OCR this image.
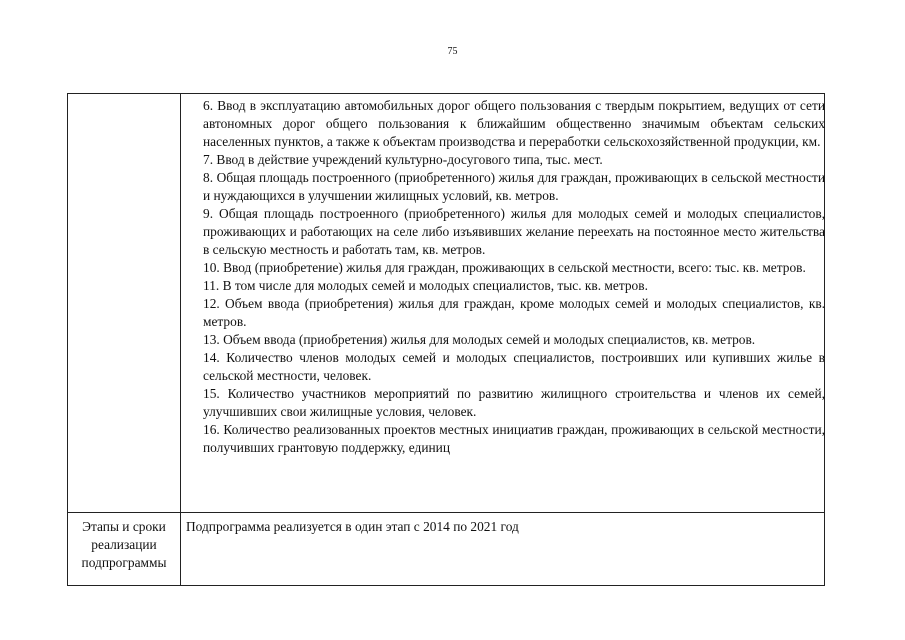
75
6. Ввод в эксплуатацию автомобильных дорог общего пользования с твердым покрытием, ведущих от сети автономных дорог общего пользования к ближайшим общественно значимым объектам сельских населенных пунктов, а также к объектам производства и переработки сельскохозяйственной продукции, км.
7. Ввод в действие учреждений культурно-досугового типа, тыс. мест.
8. Общая площадь построенного (приобретенного) жилья для граждан, проживающих в сельской местности и нуждающихся в улучшении жилищных условий, кв. метров.
9. Общая площадь построенного (приобретенного) жилья для молодых семей и молодых специалистов, проживающих и работающих на селе либо изъявивших желание переехать на постоянное место жительства в сельскую местность и работать там, кв. метров.
10. Ввод (приобретение) жилья для граждан, проживающих в сельской местности, всего: тыс. кв. метров.
11. В том числе для молодых семей и молодых специалистов, тыс. кв. метров.
12. Объем ввода (приобретения) жилья для граждан, кроме молодых семей и молодых специалистов, кв. метров.
13. Объем ввода (приобретения) жилья для молодых семей и молодых специалистов, кв. метров.
14. Количество членов молодых семей и молодых специалистов, построивших или купивших жилье в сельской местности, человек.
15. Количество участников мероприятий по развитию жилищного строительства и членов их семей, улучшивших свои жилищные условия, человек.
16. Количество реализованных проектов местных инициатив граждан, проживающих в сельской местности, получивших грантовую поддержку, единиц
Этапы и сроки реализации подпрограммы
Подпрограмма реализуется в один этап с 2014 по 2021 год
